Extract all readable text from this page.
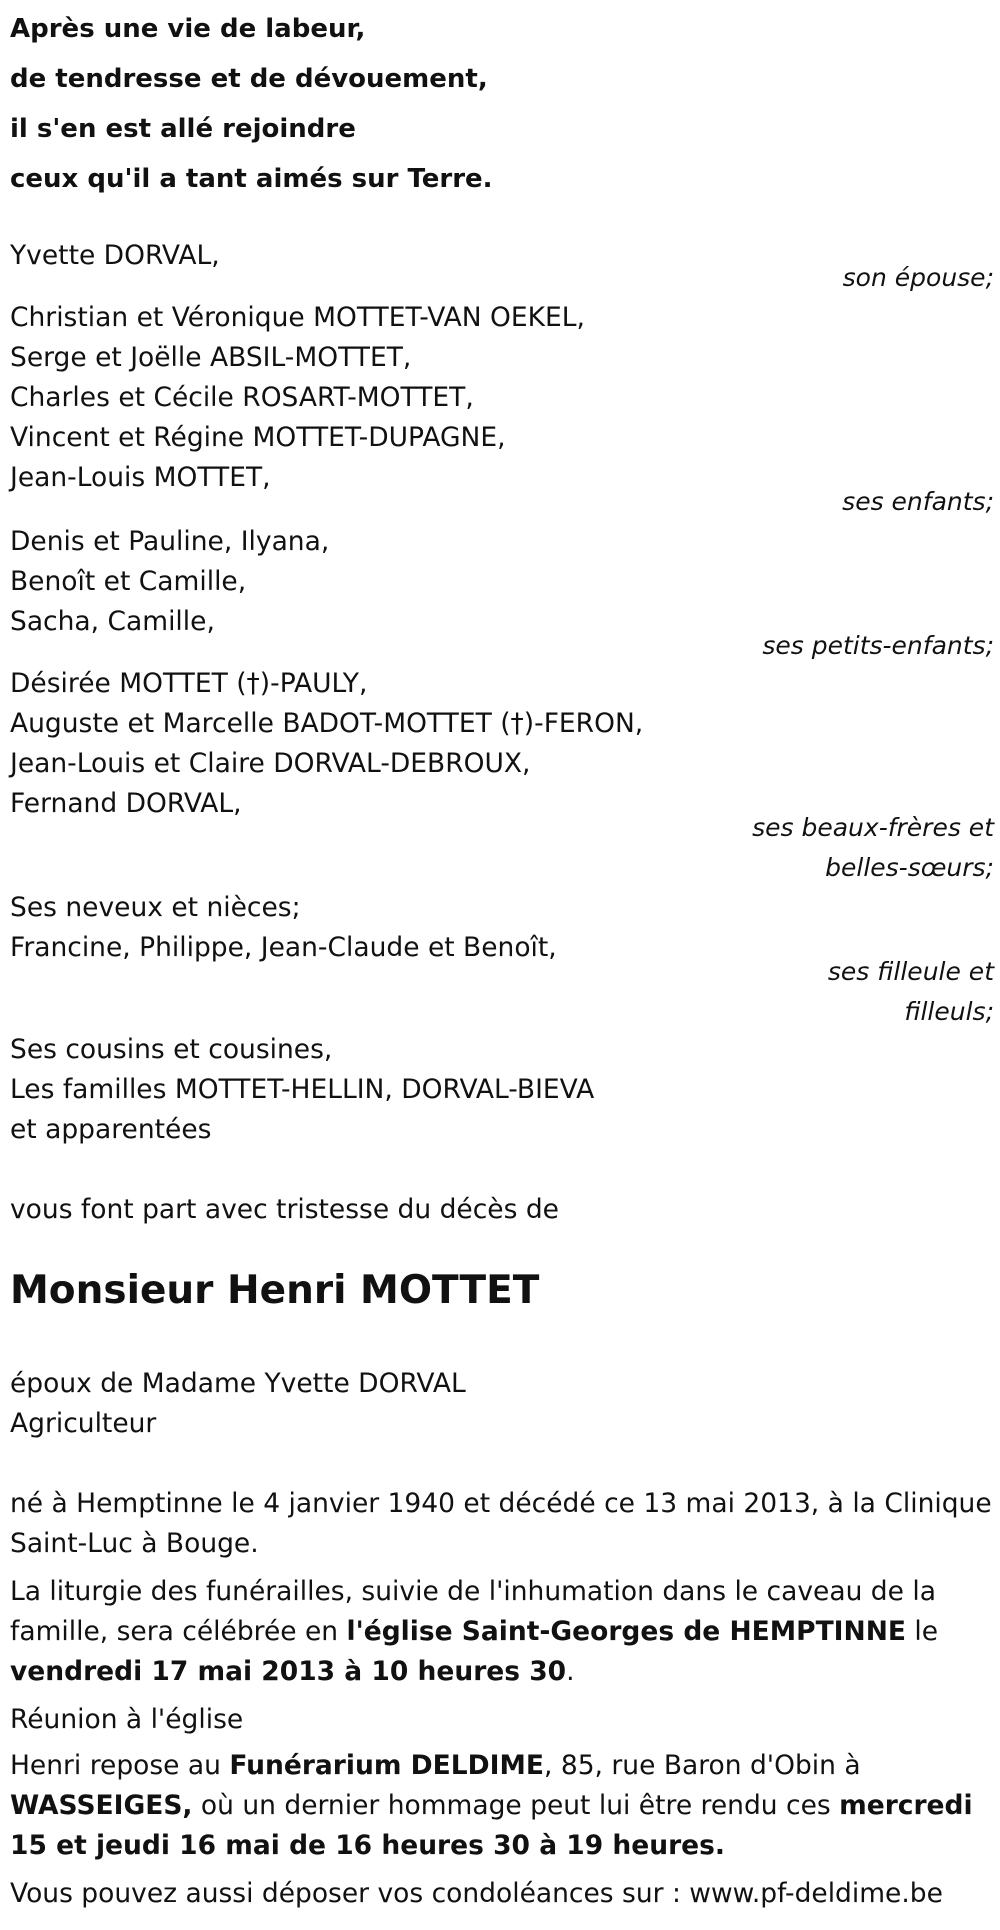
Après une vie de labeur,
de tendresse et de dévouement,
il s'en est allé rejoindre
ceux qu'il a tant aimés sur Terre.
Yvette DORVAL,
son épouse;
Christian et Véronique MOTTET-VAN OEKEL,
Serge et Joëlle ABSIL-MOTTET,
Charles et Cécile ROSART-MOTTET,
Vincent et Régine MOTTET-DUPAGNE,
Jean-Louis MOTTET,
ses enfants;
Denis et Pauline, Ilyana,
Benoît et Camille,
Sacha, Camille,
ses petits-enfants;
Désirée MOTTET (†)-PAULY,
Auguste et Marcelle BADOT-MOTTET (†)-FERON,
Jean-Louis et Claire DORVAL-DEBROUX,
Fernand DORVAL,
ses beaux-frères et
belles-sœurs;
Ses neveux et nièces;
Francine, Philippe, Jean-Claude et Benoît,
ses filleule et
filleuls;
Ses cousins et cousines,
Les familles MOTTET-HELLIN, DORVAL-BIEVA
et apparentées
vous font part avec tristesse du décès de
Monsieur Henri MOTTET
époux de Madame Yvette DORVAL
Agriculteur
né à Hemptinne le 4 janvier 1940 et décédé ce 13 mai 2013, à la Clinique Saint-Luc à Bouge.
La liturgie des funérailles, suivie de l'inhumation dans le caveau de la famille, sera célébrée en l'église Saint-Georges de HEMPTINNE le vendredi 17 mai 2013 à 10 heures 30.
Réunion à l'église
Henri repose au Funérarium DELDIME, 85, rue Baron d'Obin à WASSEIGES, où un dernier hommage peut lui être rendu ces mercredi 15 et jeudi 16 mai de 16 heures 30 à 19 heures.
Vous pouvez aussi déposer vos condoléances sur : www.pf-deldime.be
